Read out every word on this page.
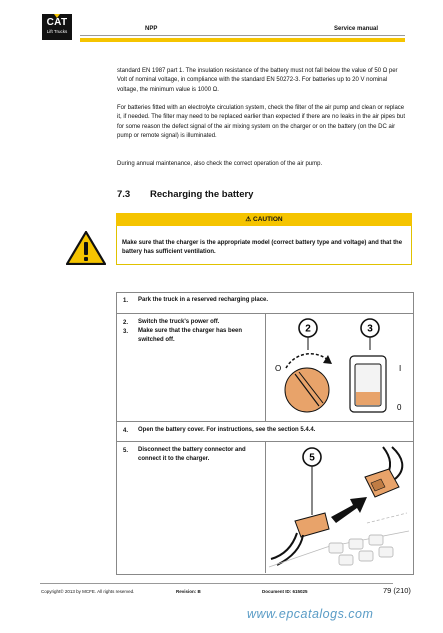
CAT
Lift Trucks	NPP	Service manual
standard EN 1987 part 1. The insulation resistance of the battery must not fall below the value of 50 Ω per Volt of nominal voltage, in compliance with the standard EN 50272-3. For batteries up to 20 V nominal voltage, the minimum value is 1000 Ω.
For batteries fitted with an electrolyte circulation system, check the filter of the air pump and clean or replace it, if needed. The filter may need to be replaced earlier than expected if there are no leaks in the air pipes but for some reason the defect signal of the air mixing system on the charger or on the battery (on the DC air pump or remote signal) is illuminated.
During annual maintenance, also check the correct operation of the air pump.
7.3 Recharging the battery
⚠ CAUTION
Make sure that the charger is the appropriate model (correct battery type and voltage) and that the battery has sufficient ventilation.
1. Park the truck in a reserved recharging place.
2. Switch the truck's power off.
3. Make sure that the charger has been switched off.
4. Open the battery cover. For instructions, see the section 5.4.4.
5. Disconnect the battery connector and connect it to the charger.
2
O
3
I
0
5
Copyright© 2013 by MCFE. All rights reserved.	Revision: B	Document ID: 615025	79 (210)
www.epcatalogs.com
